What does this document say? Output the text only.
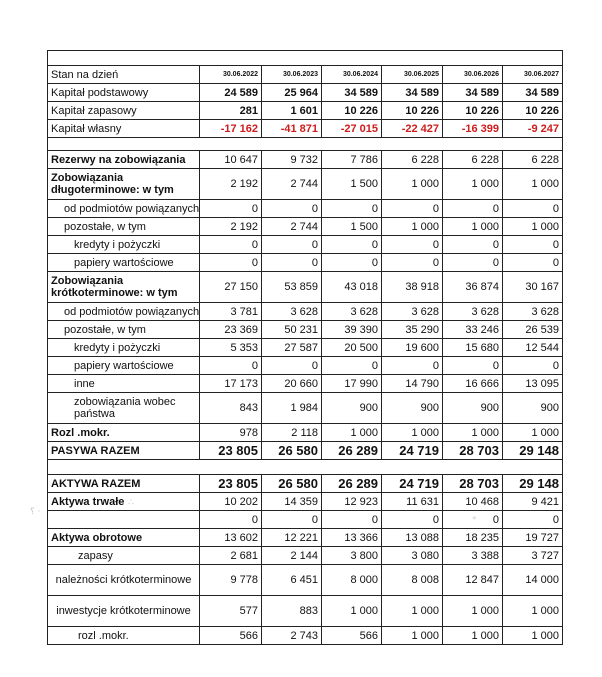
Stan na dzień	30.06.2022	30.06.2023	30.06.2024	30.06.2025	30.06.2026	30.06.2027
Kapitał podstawowy	24 589	25 964	34 589	34 589	34 589	34 589
Kapitał zapasowy	281	1 601	10 226	10 226	10 226	10 226
Kapitał własny	-17 162	-41 871	-27 015	-22 427	-16 399	-9 247

Rezerwy na zobowiązania	10 647	9 732	7 786	6 228	6 228	6 228
Zobowiązania długoterminowe: w tym	2 192	2 744	1 500	1 000	1 000	1 000
od podmiotów powiązanych	0	0	0	0	0	0
pozostałe, w tym	2 192	2 744	1 500	1 000	1 000	1 000
kredyty i pożyczki	0	0	0	0	0	0
papiery wartościowe	0	0	0	0	0	0
Zobowiązania krótkoterminowe: w tym	27 150	53 859	43 018	38 918	36 874	30 167
od podmiotów powiązanych	3 781	3 628	3 628	3 628	3 628	3 628
pozostałe, w tym	23 369	50 231	39 390	35 290	33 246	26 539
kredyty i pożyczki	5 353	27 587	20 500	19 600	15 680	12 544
papiery wartościowe	0	0	0	0	0	0
inne	17 173	20 660	17 990	14 790	16 666	13 095
zobowiązania wobec państwa	843	1 984	900	900	900	900
Rozl .mokr.	978	2 118	1 000	1 000	1 000	1 000
PASYWA RAZEM	23 805	26 580	26 289	24 719	28 703	29 148

AKTYWA RAZEM	23 805	26 580	26 289	24 719	28 703	29 148
Aktywa trwałe	10 202	14 359	12 923	11 631	10 468	9 421
	0	0	0	0	0	0
Aktywa obrotowe	13 602	12 221	13 366	13 088	18 235	19 727
zapasy	2 681	2 144	3 800	3 080	3 388	3 727
należności krótkoterminowe	9 778	6 451	8 000	8 008	12 847	14 000
inwestycje krótkoterminowe	577	883	1 000	1 000	1 000	1 000
rozl .mokr.	566	2 743	566	1 000	1 000	1 000
⸮ ·
∴
°
